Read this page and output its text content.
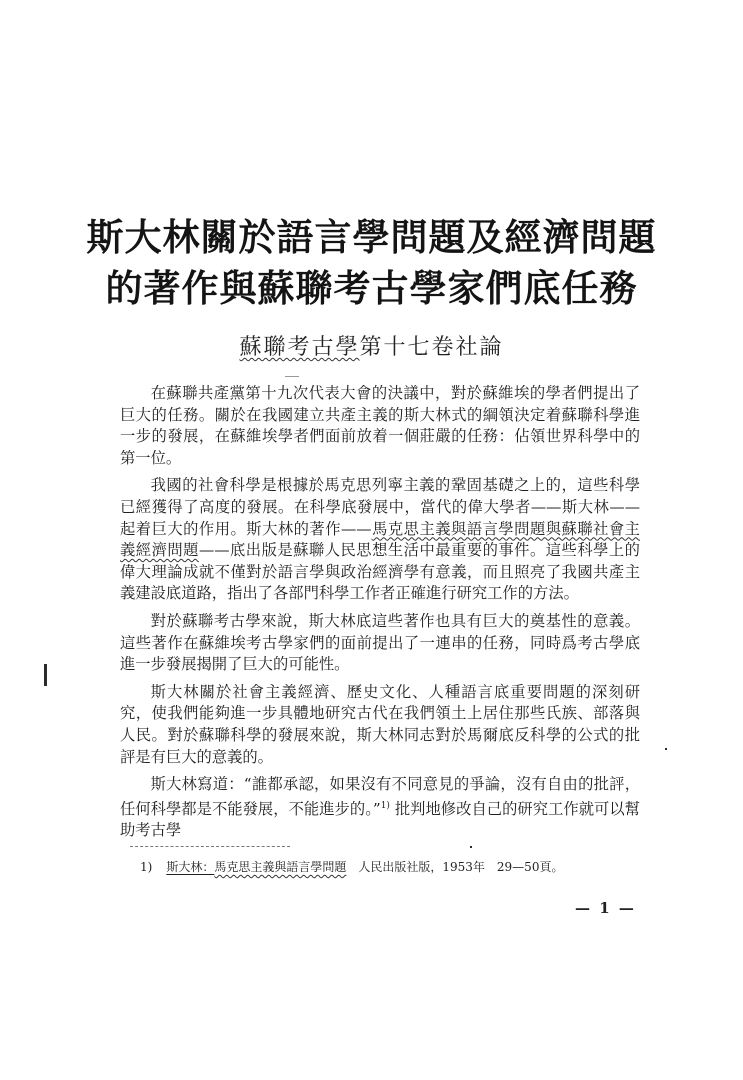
斯大林關於語言學問題及經濟問題
的著作與蘇聯考古學家們底任務
蘇聯考古學第十七卷社論

在蘇聯共產黨第十九次代表大會的決議中，對於蘇維埃的學者們提出了巨大的任務。關於在我國建立共產主義的斯大林式的綱領決定着蘇聯科學進一步的發展，在蘇維埃學者們面前放着一個莊嚴的任務：佔領世界科學中的第一位。

我國的社會科學是根據於馬克思列寧主義的鞏固基礎之上的，這些科學已經獲得了高度的發展。在科學底發展中，當代的偉大學者——斯大林——起着巨大的作用。斯大林的著作——馬克思主義與語言學問題與蘇聯社會主義經濟問題——底出版是蘇聯人民思想生活中最重要的事件。這些科學上的偉大理論成就不僅對於語言學與政治經濟學有意義，而且照亮了我國共產主義建設底道路，指出了各部門科學工作者正確進行研究工作的方法。

對於蘇聯考古學來說，斯大林底這些著作也具有巨大的奠基性的意義。這些著作在蘇維埃考古學家們的面前提出了一連串的任務，同時爲考古學底進一步發展揭開了巨大的可能性。

斯大林關於社會主義經濟、歷史文化、人種語言底重要問題的深刻研究，使我們能夠進一步具體地研究古代在我們領土上居住那些氏族、部落與人民。對於蘇聯科學的發展來說，斯大林同志對於馬爾底反科學的公式的批評是有巨大的意義的。

斯大林寫道：“誰都承認，如果沒有不同意見的爭論，沒有自由的批評，任何科學都是不能發展，不能進步的。”$^{1)}$ 批判地修改自己的研究工作就可以幫助考古學

1) 斯大林：馬克思主義與語言學問題　 人民出版社版，1953年　29—50頁。
— 1 —
